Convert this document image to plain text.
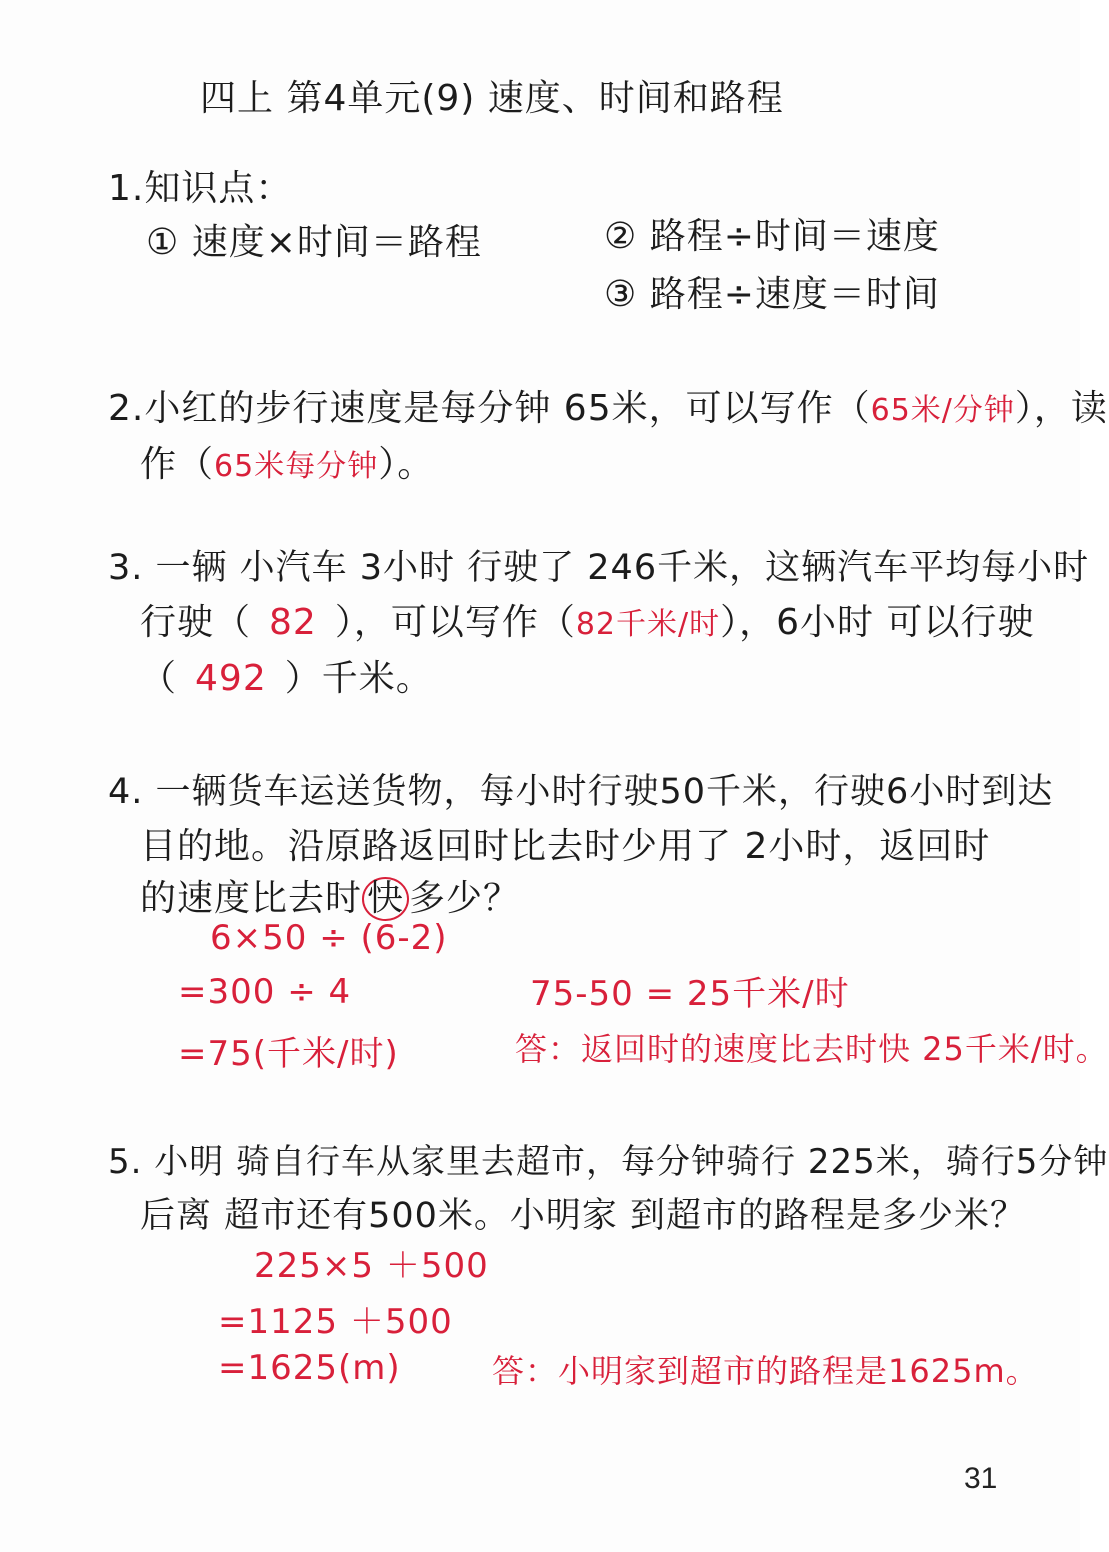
四上 第4单元(9) 速度、时间和路程
1.知识点：
① 速度×时间＝路程	② 路程÷时间＝速度
③ 路程÷速度＝时间
2.小红的步行速度是每分钟 65米，可以写作（65米/分钟），读
作（65米每分钟）。
3. 一辆 小汽车 3小时 行驶了 246千米，这辆汽车平均每小时
行驶（ 82 ），可以写作（82千米/时），6小时 可以行驶
（ 492 ）千米。
4. 一辆货车运送货物，每小时行驶50千米，行驶6小时到达
目的地。沿原路返回时比去时少用了 2小时，返回时
的速度比去时 快 多少？
6×50 ÷ (6-2)
=300 ÷ 4
=75(千米/时)
75-50 = 25千米/时
答：返回时的速度比去时快 25千米/时。
5. 小明 骑自行车从家里去超市，每分钟骑行 225米，骑行5分钟
后离 超市还有500米。小明家 到超市的路程是多少米？
225×5 ＋500
=1125 ＋500
=1625(m)	答：小明家到超市的路程是1625m。
31
